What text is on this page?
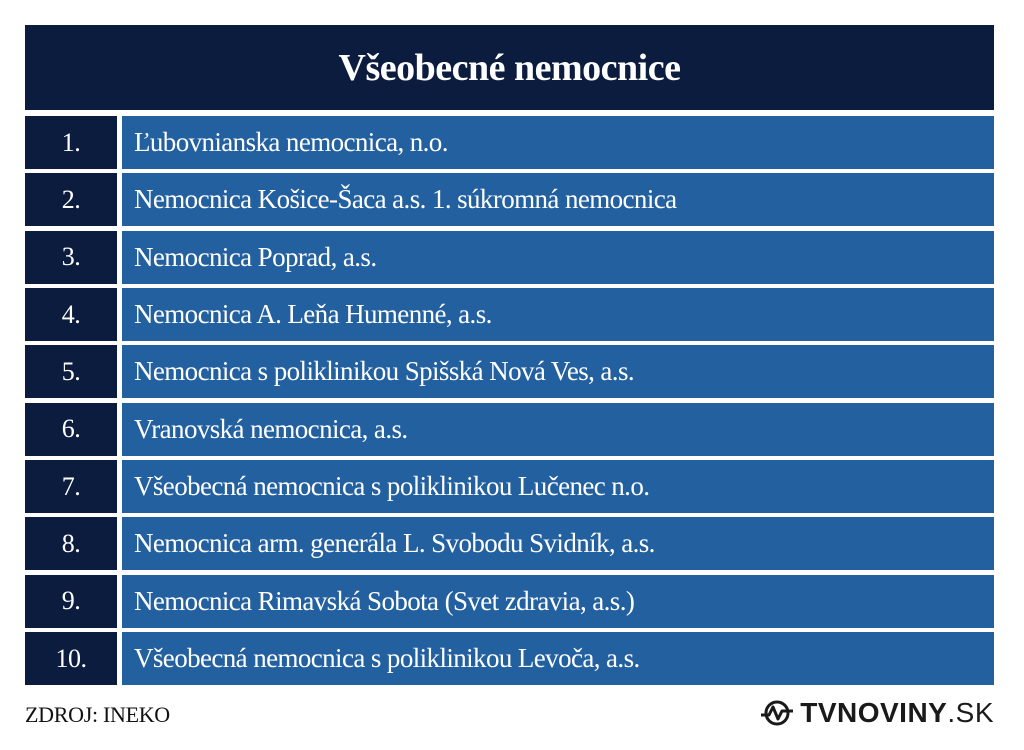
Všeobecné nemocnice
1.	Ľubovnianska nemocnica, n.o.
2.	Nemocnica Košice-Šaca a.s. 1. súkromná nemocnica
3.	Nemocnica Poprad, a.s.
4.	Nemocnica A. Leňa Humenné, a.s.
5.	Nemocnica s poliklinikou Spišská Nová Ves, a.s.
6.	Vranovská nemocnica, a.s.
7.	Všeobecná nemocnica s poliklinikou Lučenec n.o.
8.	Nemocnica arm. generála L. Svobodu Svidník, a.s.
9.	Nemocnica Rimavská Sobota (Svet zdravia, a.s.)
10.	Všeobecná nemocnica s poliklinikou Levoča, a.s.
ZDROJ: INEKO	TVNOVINY.SK
